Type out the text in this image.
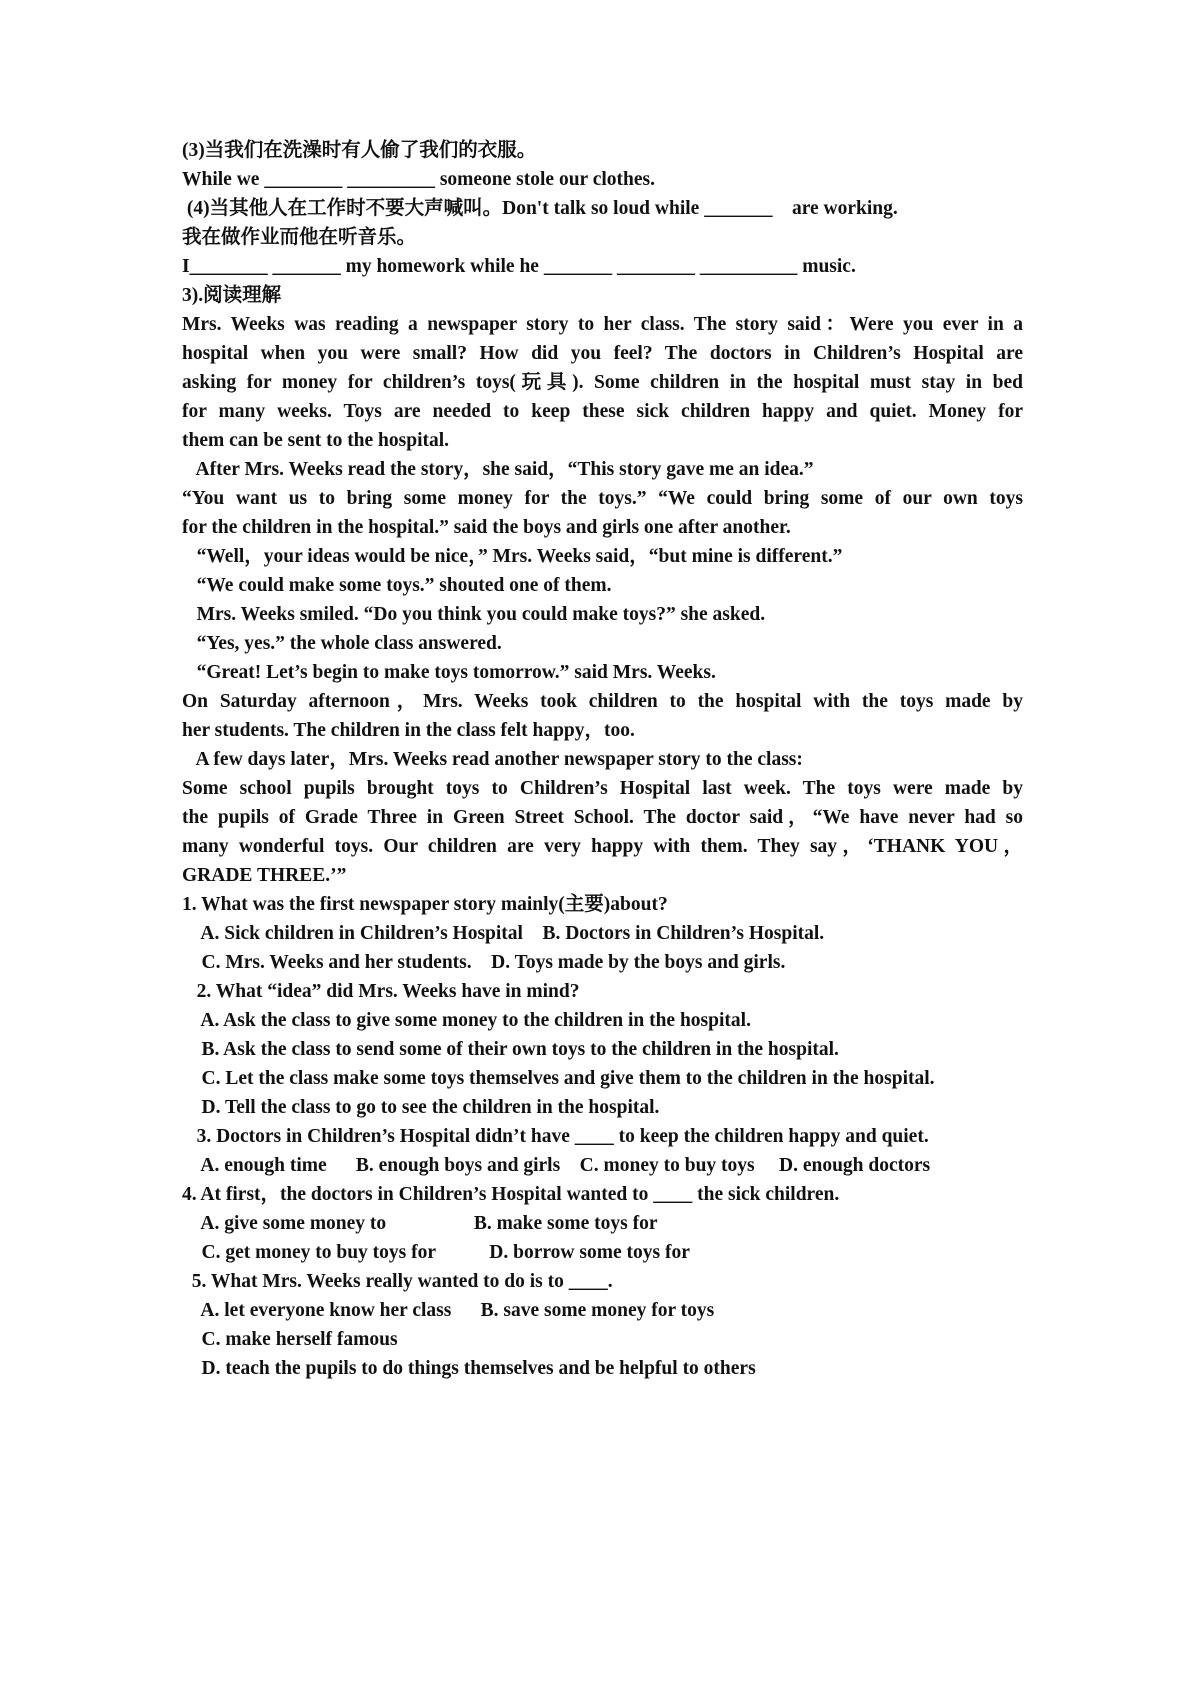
(3)当我们在洗澡时有人偷了我们的衣服。
While we ________ _________ someone stole our clothes.
(4)当其他人在工作时不要大声喊叫。Don't talk so loud while _______    are working.
我在做作业而他在听音乐。
I________ _______ my homework while he _______ ________ __________ music.
3).阅读理解
Mrs. Weeks was reading a newspaper story to her class. The story said：Were you ever in a
hospital when you were small? How did you feel? The doctors in Children’s Hospital are
asking for money for children’s toys(玩具). Some children in the hospital must stay in bed
for many weeks. Toys are needed to keep these sick children happy and quiet. Money for
them can be sent to the hospital.
After Mrs. Weeks read the story，she said，“This story gave me an idea.”
“You want us to bring some money for the toys.” “We could bring some of our own toys
for the children in the hospital.” said the boys and girls one after another.
“Well，your ideas would be nice，” Mrs. Weeks said，“but mine is different.”
“We could make some toys.” shouted one of them.
Mrs. Weeks smiled. “Do you think you could make toys?” she asked.
“Yes, yes.” the whole class answered.
“Great! Let’s begin to make toys tomorrow.” said Mrs. Weeks.
On Saturday afternoon，Mrs. Weeks took children to the hospital with the toys made by
her students. The children in the class felt happy，too.
A few days later，Mrs. Weeks read another newspaper story to the class:
Some school pupils brought toys to Children’s Hospital last week. The toys were made by
the pupils of Grade Three in Green Street School. The doctor said，“We have never had so
many wonderful toys. Our children are very happy with them. They say，‘THANK YOU，
GRADE THREE.’”
1. What was the first newspaper story mainly(主要)about?
A. Sick children in Children’s Hospital    B. Doctors in Children’s Hospital.
C. Mrs. Weeks and her students.    D. Toys made by the boys and girls.
2. What “idea” did Mrs. Weeks have in mind?
A. Ask the class to give some money to the children in the hospital.
B. Ask the class to send some of their own toys to the children in the hospital.
C. Let the class make some toys themselves and give them to the children in the hospital.
D. Tell the class to go to see the children in the hospital.
3. Doctors in Children’s Hospital didn’t have ____ to keep the children happy and quiet.
A. enough time      B. enough boys and girls    C. money to buy toys     D. enough doctors
4. At first，the doctors in Children’s Hospital wanted to ____ the sick children.
A. give some money to                  B. make some toys for
C. get money to buy toys for           D. borrow some toys for
5. What Mrs. Weeks really wanted to do is to ____.
A. let everyone know her class      B. save some money for toys
C. make herself famous
D. teach the pupils to do things themselves and be helpful to others
